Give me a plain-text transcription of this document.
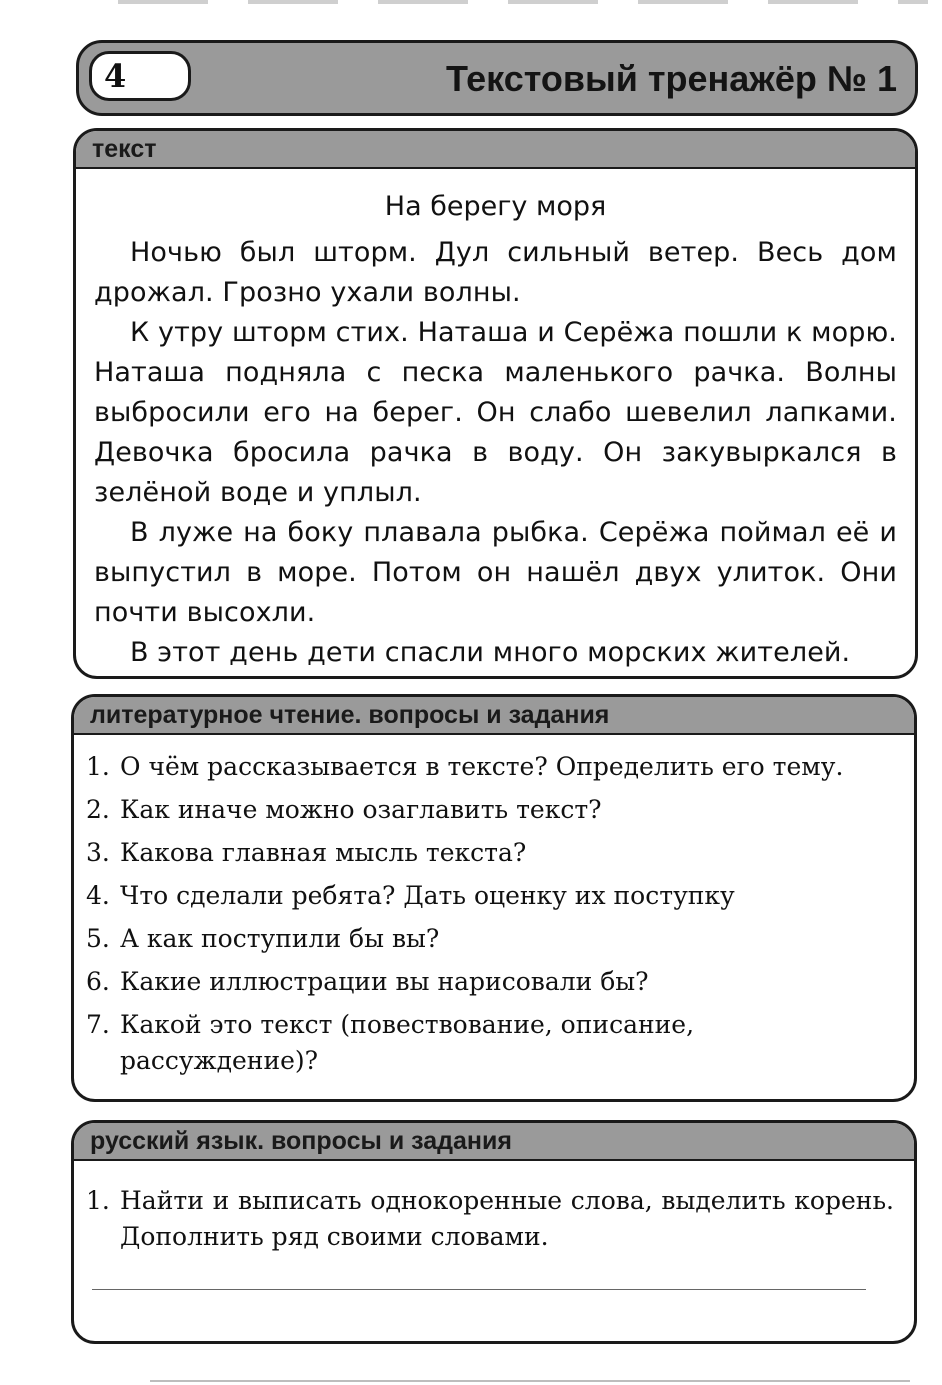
4	Текстовый тренажёр № 1
текст
На берегу моря

Ночью был шторм. Дул сильный ветер. Весь дом дрожал. Грозно ухали волны.

К утру шторм стих. Наташа и Серёжа пошли к морю. Наташа подняла с песка маленького рачка. Волны выбросили его на берег. Он слабо шевелил лапками. Девочка бросила рачка в воду. Он закувыркался в зелёной воде и уплыл.

В луже на боку плавала рыбка. Серёжа поймал её и выпустил в море. Потом он нашёл двух улиток. Они почти высохли.

В этот день дети спасли много морских жителей.

литературное чтение. вопросы и задания
1. О чём рассказывается в тексте? Определить его тему.
2. Как иначе можно озаглавить текст?
3. Какова главная мысль текста?
4. Что сделали ребята? Дать оценку их поступку
5. А как поступили бы вы?
6. Какие иллюстрации вы нарисовали бы?
7. Какой это текст (повествование, описание, рассуждение)?
русский язык. вопросы и задания
1. Найти и выписать однокоренные слова, выделить корень. Дополнить ряд своими словами.
